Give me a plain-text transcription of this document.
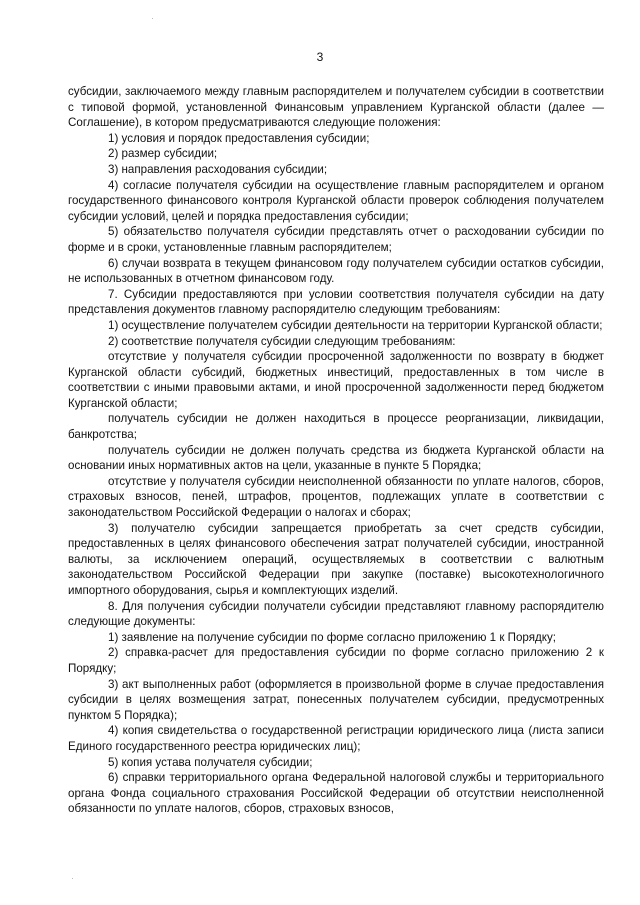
3

субсидии, заключаемого между главным распорядителем и получателем субсидии в соответствии с типовой формой, установленной Финансовым управлением Курганской области (далее — Соглашение), в котором предусматриваются следующие положения:

1) условия и порядок предоставления субсидии;

2) размер субсидии;

3) направления расходования субсидии;

4) согласие получателя субсидии на осуществление главным распорядителем и органом государственного финансового контроля Курганской области проверок соблюдения получателем субсидии условий, целей и порядка предоставления субсидии;

5) обязательство получателя субсидии представлять отчет о расходовании субсидии по форме и в сроки, установленные главным распорядителем;

6) случаи возврата в текущем финансовом году получателем субсидии остатков субсидии, не использованных в отчетном финансовом году.

7. Субсидии предоставляются при условии соответствия получателя субсидии на дату представления документов главному распорядителю следующим требованиям:

1) осуществление получателем субсидии деятельности на территории Курганской области;

2) соответствие получателя субсидии следующим требованиям:

отсутствие у получателя субсидии просроченной задолженности по возврату в бюджет Курганской области субсидий, бюджетных инвестиций, предоставленных в том числе в соответствии с иными правовыми актами, и иной просроченной задолженности перед бюджетом Курганской области;

получатель субсидии не должен находиться в процессе реорганизации, ликвидации, банкротства;

получатель субсидии не должен получать средства из бюджета Курганской области на основании иных нормативных актов на цели, указанные в пункте 5 Порядка;

отсутствие у получателя субсидии неисполненной обязанности по уплате налогов, сборов, страховых взносов, пеней, штрафов, процентов, подлежащих уплате в соответствии с законодательством Российской Федерации о налогах и сборах;

3) получателю субсидии запрещается приобретать за счет средств субсидии, предоставленных в целях финансового обеспечения затрат получателей субсидии, иностранной валюты, за исключением операций, осуществляемых в соответствии с валютным законодательством Российской Федерации при закупке (поставке) высокотехнологичного импортного оборудования, сырья и комплектующих изделий.

8. Для получения субсидии получатели субсидии представляют главному распорядителю следующие документы:

1) заявление на получение субсидии по форме согласно приложению 1 к Порядку;

2) справка-расчет для предоставления субсидии по форме согласно приложению 2 к Порядку;

3) акт выполненных работ (оформляется в произвольной форме в случае предоставления субсидии в целях возмещения затрат, понесенных получателем субсидии, предусмотренных пунктом 5 Порядка);

4) копия свидетельства о государственной регистрации юридического лица (листа записи Единого государственного реестра юридических лиц);

5) копия устава получателя субсидии;

6) справки территориального органа Федеральной налоговой службы и территориального органа Фонда социального страхования Российской Федерации об отсутствии неисполненной обязанности по уплате налогов, сборов, страховых взносов,
